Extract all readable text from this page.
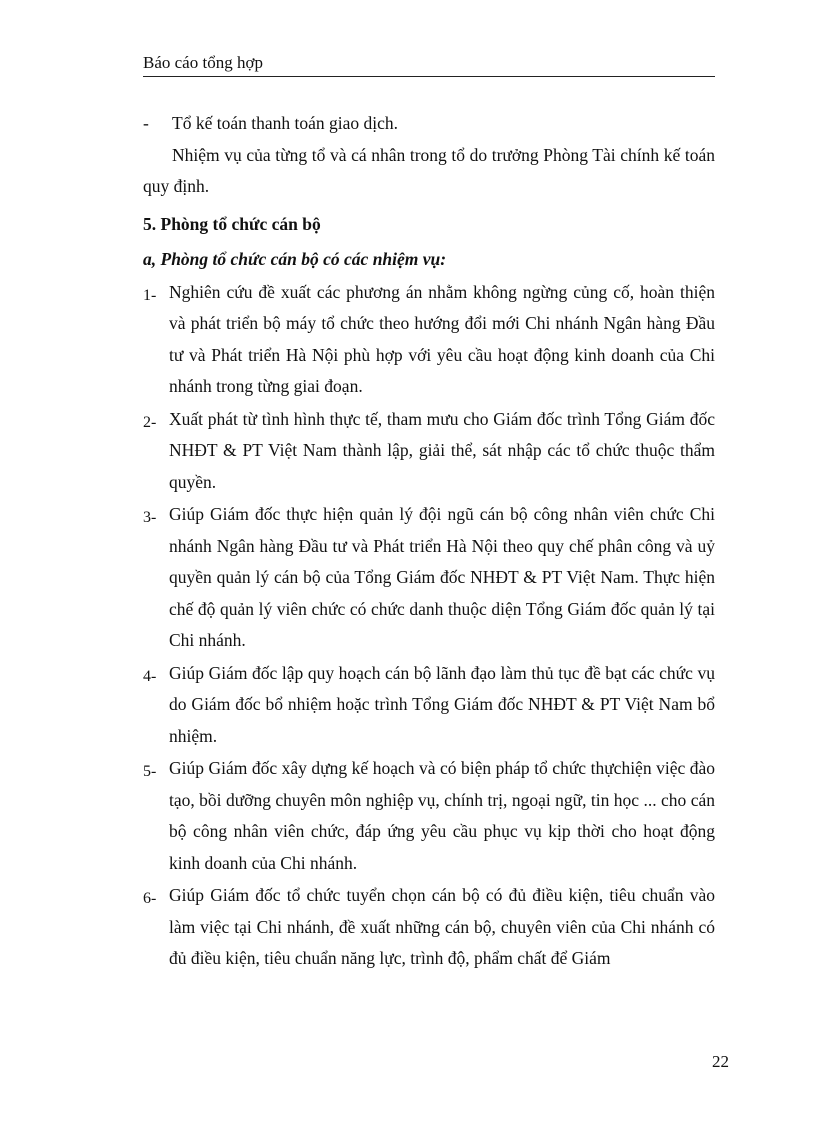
Báo cáo tổng hợp
-	Tổ kế toán thanh toán giao dịch.

Nhiệm vụ của từng tổ và cá nhân trong tổ do trưởng Phòng Tài chính kế toán quy định.

5. Phòng tổ chức cán bộ

a, Phòng tổ chức cán bộ có các nhiệm vụ:

1- Nghiên cứu đề xuất các phương án nhằm không ngừng củng cố, hoàn thiện và phát triển bộ máy tổ chức theo hướng đổi mới Chi nhánh Ngân hàng Đầu tư và Phát triển Hà Nội phù hợp với yêu cầu hoạt động kinh doanh của Chi nhánh trong từng giai đoạn.
2- Xuất phát từ tình hình thực tế, tham mưu cho Giám đốc trình Tổng Giám đốc NHĐT & PT Việt Nam thành lập, giải thể, sát nhập các tổ chức thuộc thẩm quyền.
3- Giúp Giám đốc thực hiện quản lý đội ngũ cán bộ công nhân viên chức Chi nhánh Ngân hàng Đầu tư và Phát triển Hà Nội theo quy chế phân công và uỷ quyền quản lý cán bộ của Tổng Giám đốc NHĐT & PT Việt Nam. Thực hiện chế độ quản lý viên chức có chức danh thuộc diện Tổng Giám đốc quản lý tại Chi nhánh.
4- Giúp Giám đốc lập quy hoạch cán bộ lãnh đạo làm thủ tục đề bạt các chức vụ do Giám đốc bổ nhiệm hoặc trình Tổng Giám đốc NHĐT & PT Việt Nam bổ nhiệm.
5- Giúp Giám đốc xây dựng kế hoạch và có biện pháp tổ chức thựchiện việc đào tạo, bồi dưỡng chuyên môn nghiệp vụ, chính trị, ngoại ngữ, tin học ... cho cán bộ công nhân viên chức, đáp ứng yêu cầu phục vụ kịp thời cho hoạt động kinh doanh của Chi nhánh.
6- Giúp Giám đốc tổ chức tuyển chọn cán bộ có đủ điều kiện, tiêu chuẩn vào làm việc tại Chi nhánh, đề xuất những cán bộ, chuyên viên của Chi nhánh có đủ điều kiện, tiêu chuẩn năng lực, trình độ, phẩm chất để Giám
22
